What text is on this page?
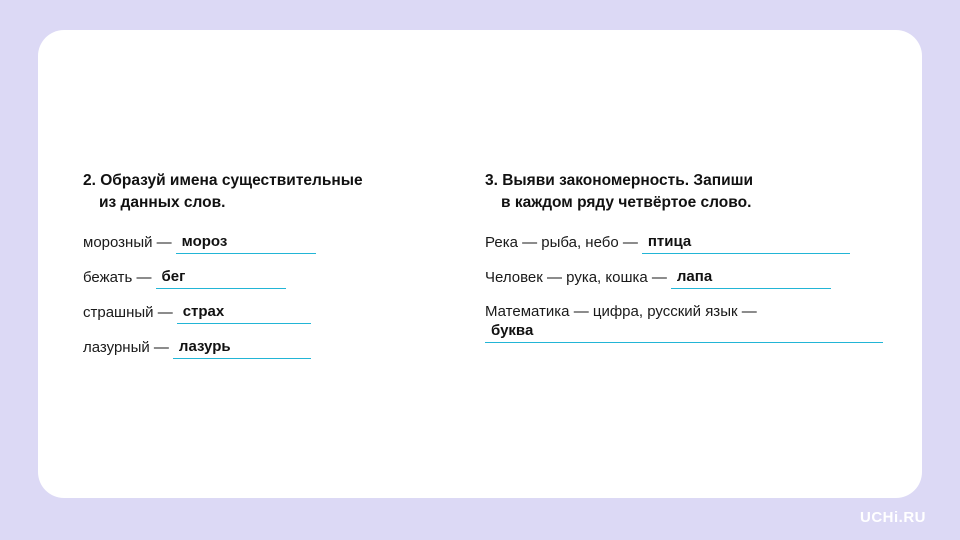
2. Образуй имена существительные
из данных слов.
морозный — мороз
бежать — бег
страшный — страх
лазурный — лазурь
3. Выяви закономерность. Запиши
в каждом ряду четвёртое слово.
Река — рыба, небо — птица
Человек — рука, кошка — лапа
Математика — цифра, русский язык —
буква
UCHi.RU
